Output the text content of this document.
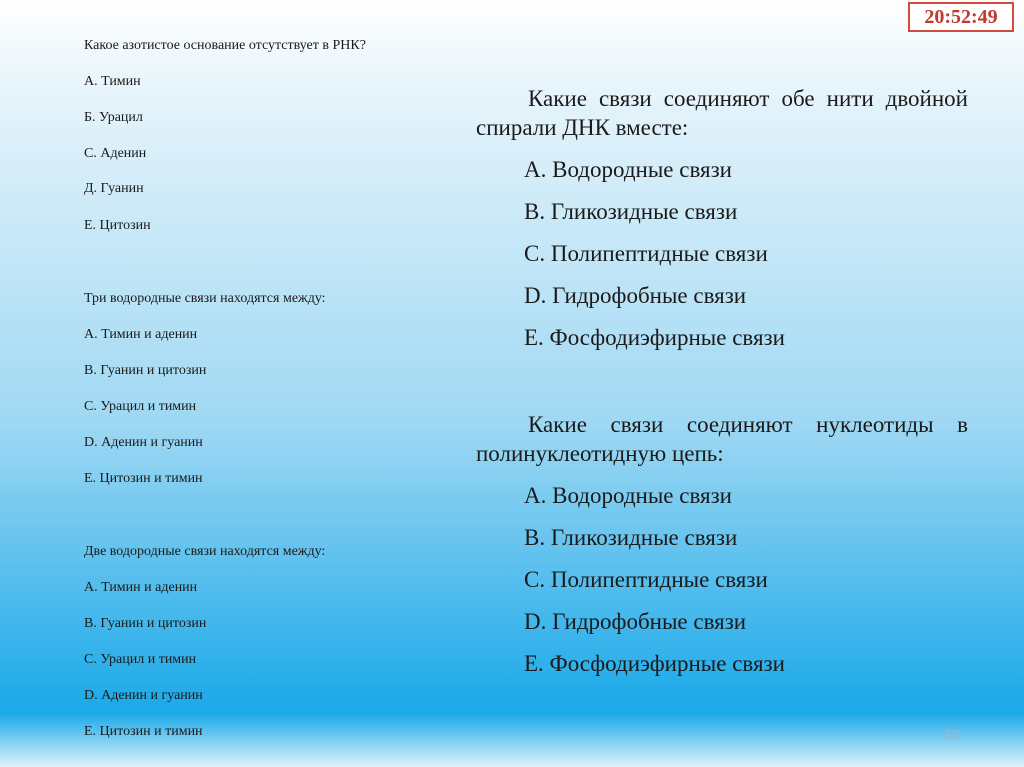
20:52:49
Какое азотистое основание отсутствует в РНК?
А. Тимин
Б. Урацил
С. Аденин
Д. Гуанин
Е. Цитозин
Три водородные связи находятся между:
А. Тимин и аденин
В. Гуанин и цитозин
С. Урацил и тимин
D. Аденин и гуанин
Е. Цитозин и тимин
Две водородные связи находятся между:
А. Тимин и аденин
В. Гуанин и цитозин
С. Урацил и тимин
D. Аденин и гуанин
Е. Цитозин и тимин
Какие связи соединяют обе нити двойной спирали ДНК вместе:
А. Водородные связи
В. Гликозидные связи
С. Полипептидные связи
D. Гидрофобные связи
Е. Фосфодиэфирные связи
Какие связи соединяют нуклеотиды в полинуклеотидную цепь:
А. Водородные связи
В. Гликозидные связи
С. Полипептидные связи
D. Гидрофобные связи
Е. Фосфодиэфирные связи
38
